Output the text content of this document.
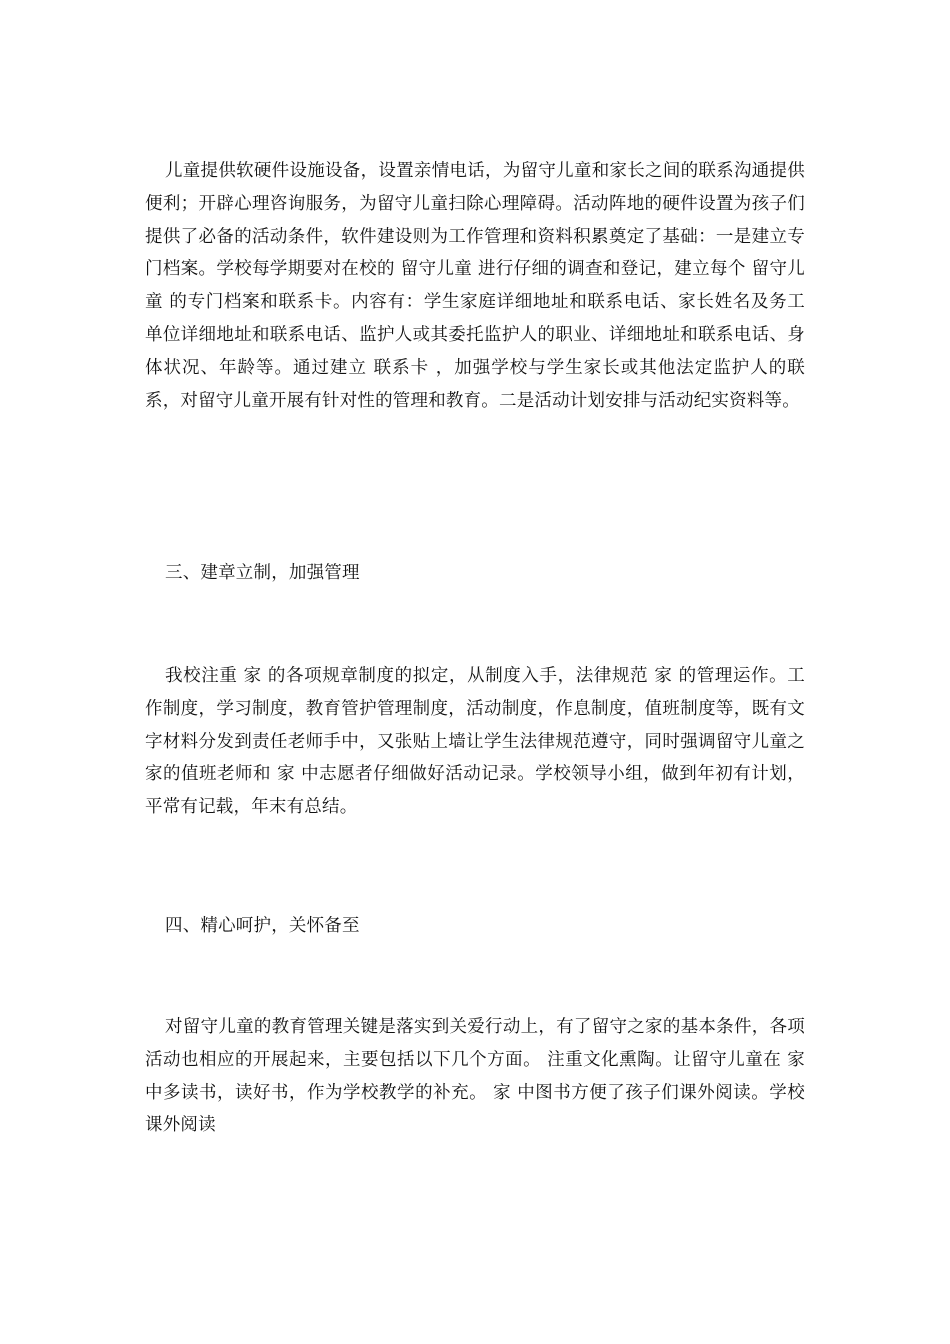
儿童提供软硬件设施设备，设置亲情电话，为留守儿童和家长之间的联系沟通提供便利；开辟心理咨询服务，为留守儿童扫除心理障碍。活动阵地的硬件设置为孩子们提供了必备的活动条件，软件建设则为工作管理和资料积累奠定了基础：一是建立专门档案。学校每学期要对在校的 留守儿童 进行仔细的调查和登记，建立每个 留守儿童 的专门档案和联系卡。内容有：学生家庭详细地址和联系电话、家长姓名及务工单位详细地址和联系电话、监护人或其委托监护人的职业、详细地址和联系电话、身体状况、年龄等。通过建立 联系卡 ，加强学校与学生家长或其他法定监护人的联系，对留守儿童开展有针对性的管理和教育。二是活动计划安排与活动纪实资料等。

三、建章立制，加强管理

我校注重 家 的各项规章制度的拟定，从制度入手，法律规范 家 的管理运作。工作制度，学习制度，教育管护管理制度，活动制度，作息制度，值班制度等，既有文字材料分发到责任老师手中，又张贴上墙让学生法律规范遵守，同时强调留守儿童之家的值班老师和 家 中志愿者仔细做好活动记录。学校领导小组，做到年初有计划，平常有记载，年末有总结。

四、精心呵护，关怀备至

对留守儿童的教育管理关键是落实到关爱行动上，有了留守之家的基本条件，各项活动也相应的开展起来，主要包括以下几个方面。 注重文化熏陶。让留守儿童在 家 中多读书，读好书，作为学校教学的补充。 家 中图书方便了孩子们课外阅读。学校课外阅读
